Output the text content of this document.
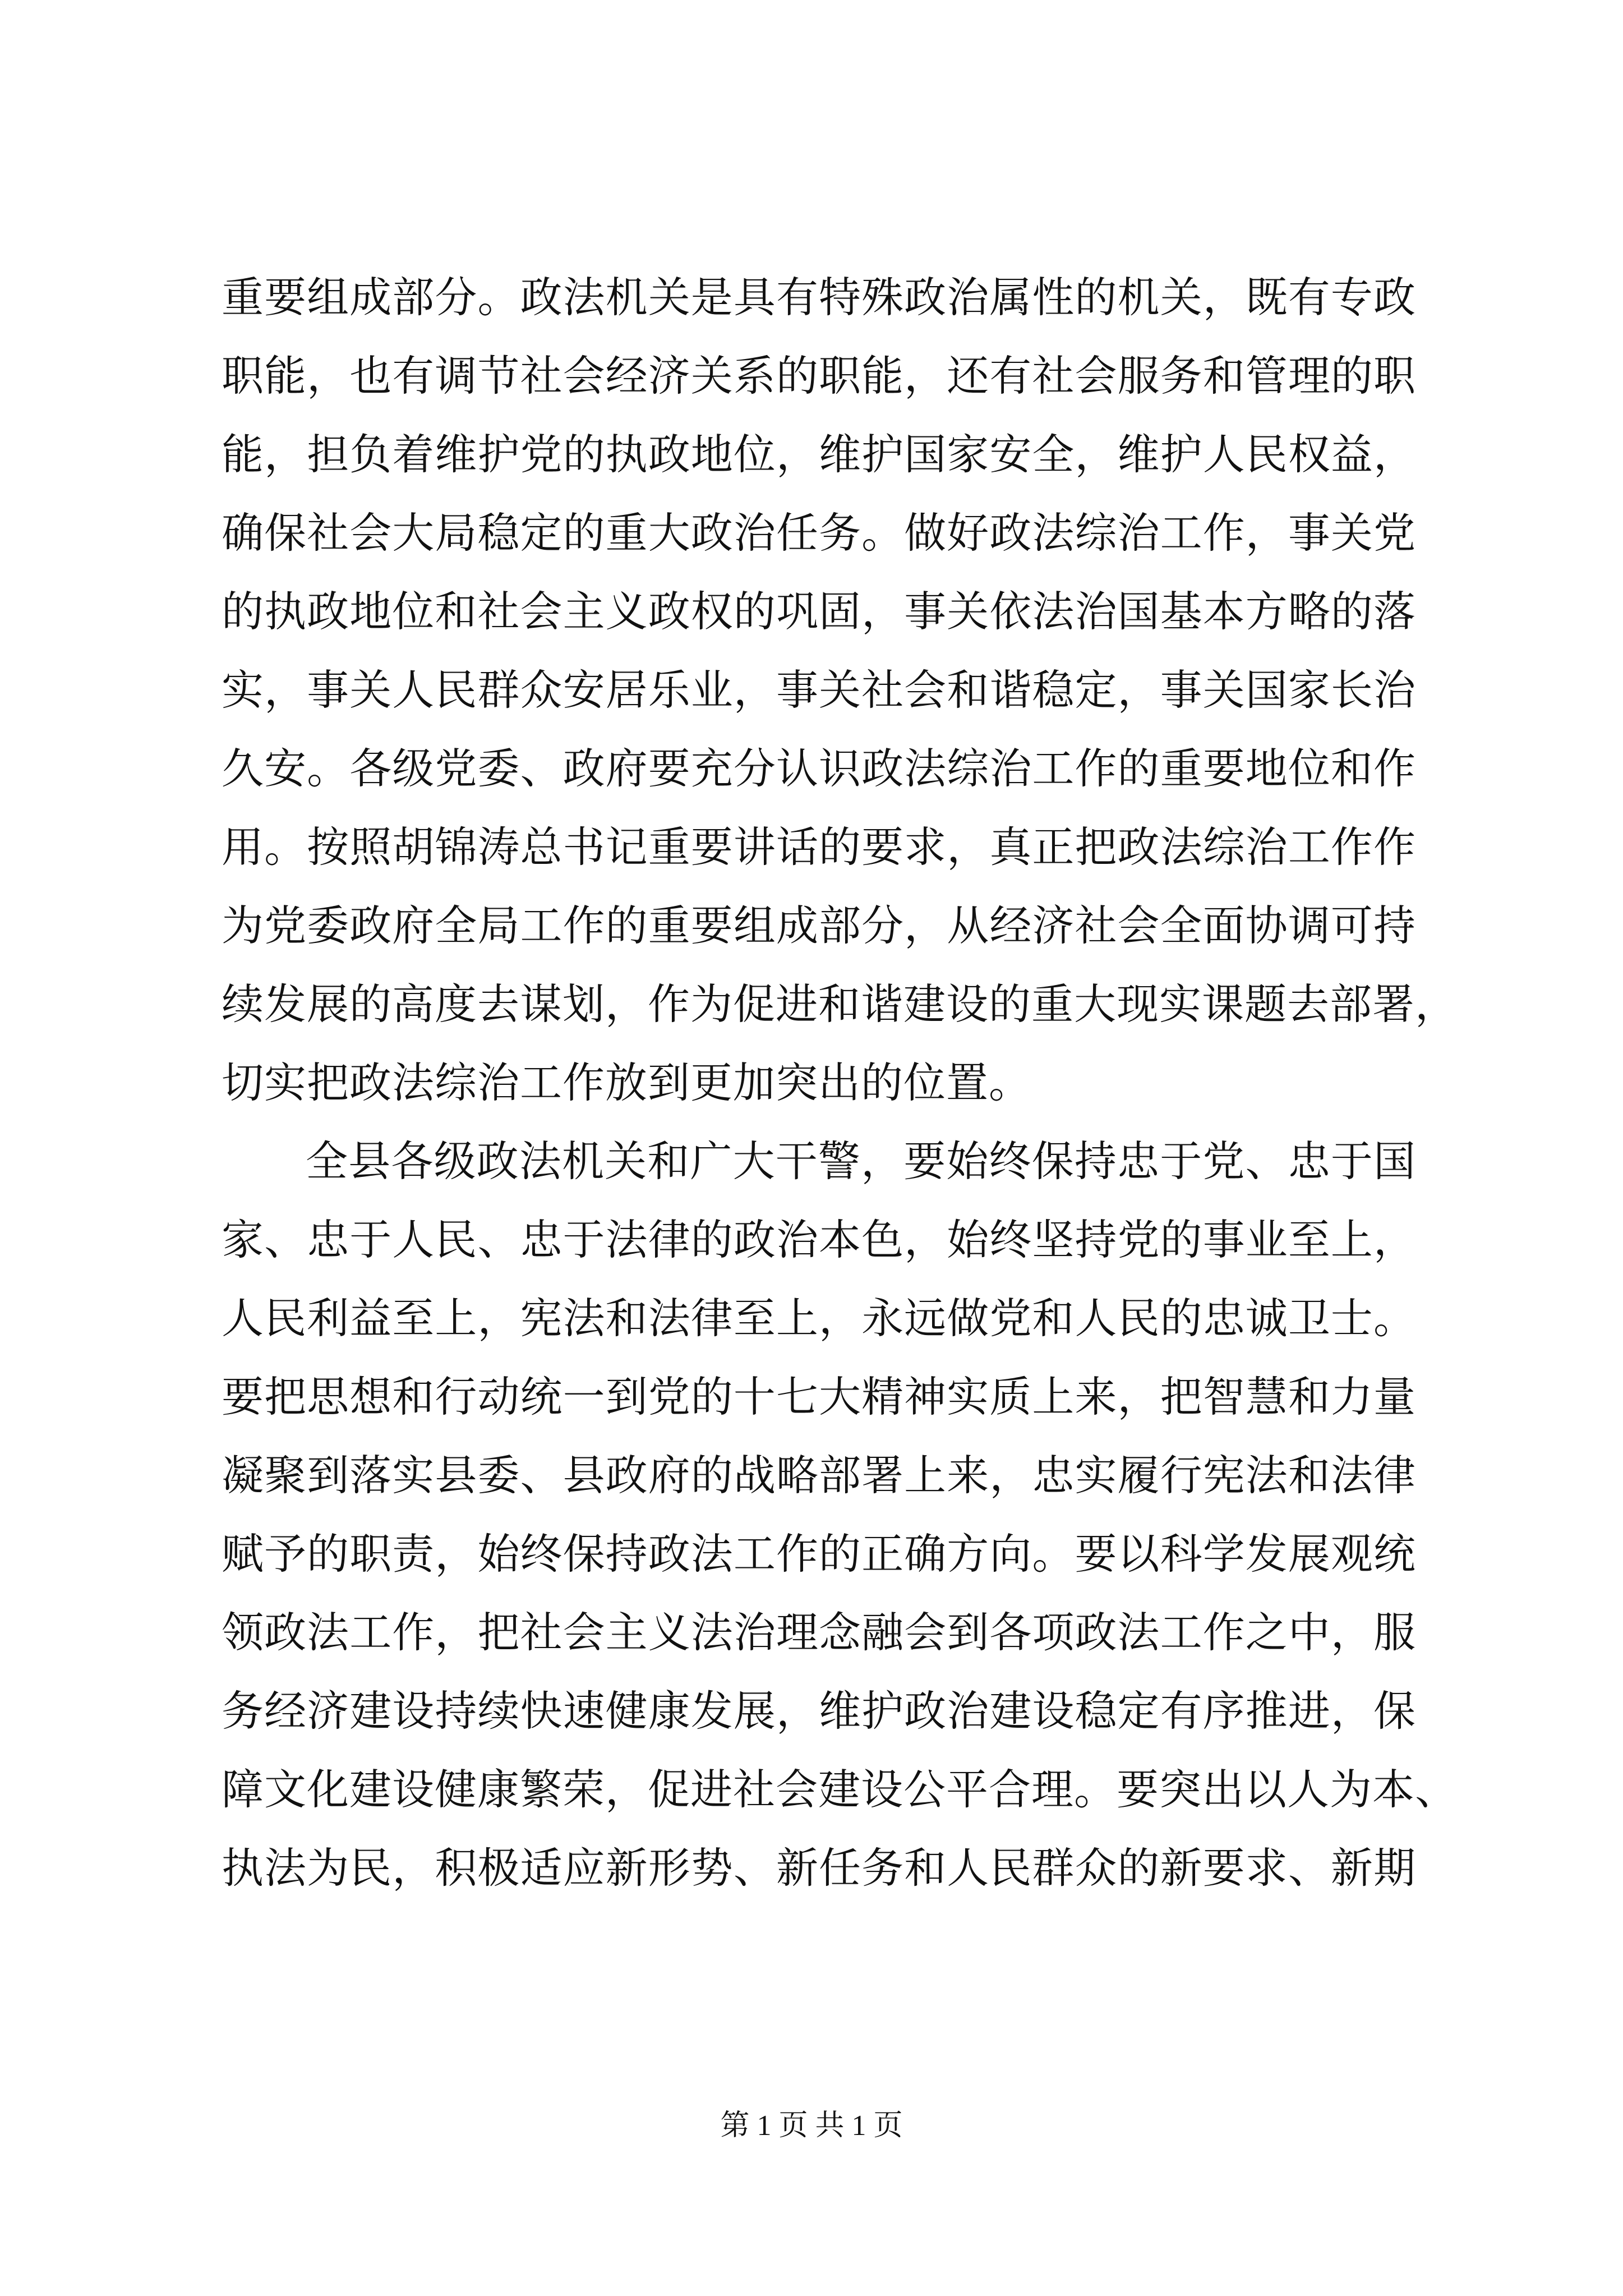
重要组成部分。政法机关是具有特殊政治属性的机关，既有专政
职能，也有调节社会经济关系的职能，还有社会服务和管理的职
能，担负着维护党的执政地位，维护国家安全，维护人民权益，
确保社会大局稳定的重大政治任务。做好政法综治工作，事关党
的执政地位和社会主义政权的巩固，事关依法治国基本方略的落
实，事关人民群众安居乐业，事关社会和谐稳定，事关国家长治
久安。各级党委、政府要充分认识政法综治工作的重要地位和作
用。按照胡锦涛总书记重要讲话的要求，真正把政法综治工作作
为党委政府全局工作的重要组成部分，从经济社会全面协调可持
续发展的高度去谋划，作为促进和谐建设的重大现实课题去部署，
切实把政法综治工作放到更加突出的位置。
全县各级政法机关和广大干警，要始终保持忠于党、忠于国
家、忠于人民、忠于法律的政治本色，始终坚持党的事业至上，
人民利益至上，宪法和法律至上，永远做党和人民的忠诚卫士。
要把思想和行动统一到党的十七大精神实质上来，把智慧和力量
凝聚到落实县委、县政府的战略部署上来，忠实履行宪法和法律
赋予的职责，始终保持政法工作的正确方向。要以科学发展观统
领政法工作，把社会主义法治理念融会到各项政法工作之中，服
务经济建设持续快速健康发展，维护政治建设稳定有序推进，保
障文化建设健康繁荣，促进社会建设公平合理。要突出以人为本、
执法为民，积极适应新形势、新任务和人民群众的新要求、新期
第 1 页 共 1 页
